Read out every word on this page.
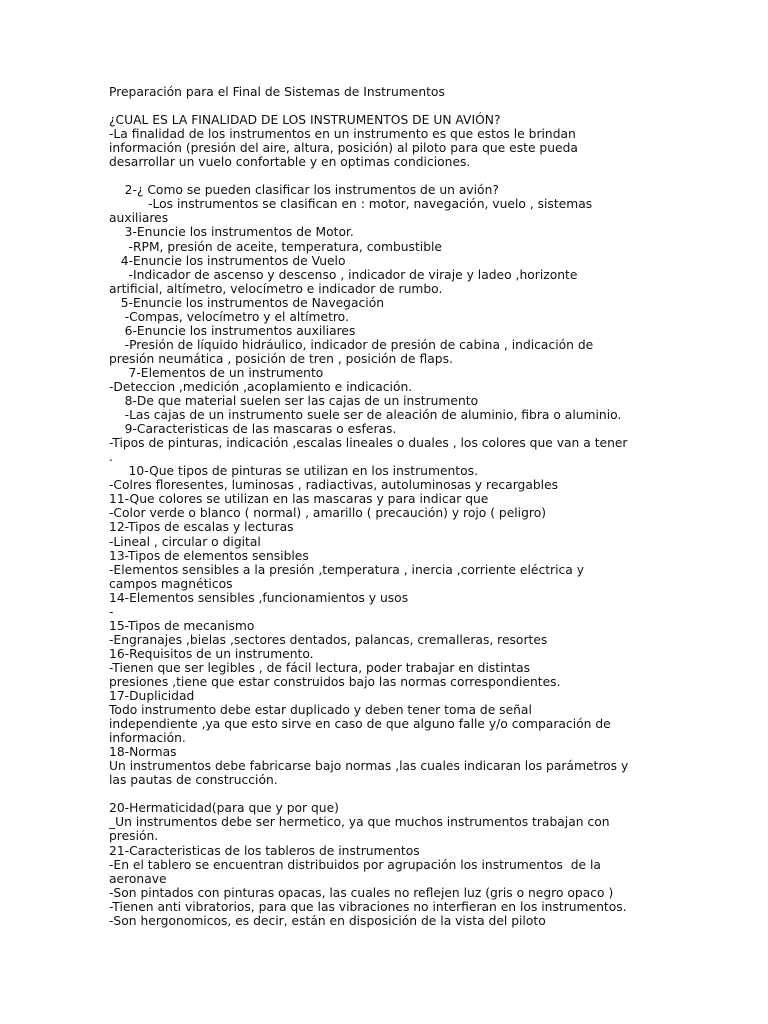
Preparación para el Final de Sistemas de Instrumentos
¿CUAL ES LA FINALIDAD DE LOS INSTRUMENTOS DE UN AVIÓN?
-La finalidad de los instrumentos en un instrumento es que estos le brindan
información (presión del aire, altura, posición) al piloto para que este pueda
desarrollar un vuelo confortable y en optimas condiciones.
2-¿ Como se pueden clasificar los instrumentos de un avión?
-Los instrumentos se clasifican en : motor, navegación, vuelo , sistemas
auxiliares
3-Enuncie los instrumentos de Motor.
-RPM, presión de aceite, temperatura, combustible
4-Enuncie los instrumentos de Vuelo
-Indicador de ascenso y descenso , indicador de viraje y ladeo ,horizonte
artificial, altímetro, velocímetro e indicador de rumbo.
5-Enuncie los instrumentos de Navegación
-Compas, velocímetro y el altímetro.
6-Enuncie los instrumentos auxiliares
-Presión de líquido hidráulico, indicador de presión de cabina , indicación de
presión neumática , posición de tren , posición de flaps.
7-Elementos de un instrumento
-Deteccion ,medición ,acoplamiento e indicación.
8-De que material suelen ser las cajas de un instrumento
-Las cajas de un instrumento suele ser de aleación de aluminio, fibra o aluminio.
9-Caracteristicas de las mascaras o esferas.
-Tipos de pinturas, indicación ,escalas lineales o duales , los colores que van a tener
.
10-Que tipos de pinturas se utilizan en los instrumentos.
-Colres floresentes, luminosas , radiactivas, autoluminosas y recargables
11-Que colores se utilizan en las mascaras y para indicar que
-Color verde o blanco ( normal) , amarillo ( precaución) y rojo ( peligro)
12-Tipos de escalas y lecturas
-Lineal , circular o digital
13-Tipos de elementos sensibles
-Elementos sensibles a la presión ,temperatura , inercia ,corriente eléctrica y
campos magnéticos
14-Elementos sensibles ,funcionamientos y usos
-
15-Tipos de mecanismo
-Engranajes ,bielas ,sectores dentados, palancas, cremalleras, resortes
16-Requisitos de un instrumento.
-Tienen que ser legibles , de fácil lectura, poder trabajar en distintas
presiones ,tiene que estar construidos bajo las normas correspondientes.
17-Duplicidad
Todo instrumento debe estar duplicado y deben tener toma de señal
independiente ,ya que esto sirve en caso de que alguno falle y/o comparación de
información.
18-Normas
Un instrumentos debe fabricarse bajo normas ,las cuales indicaran los parámetros y
las pautas de construcción.
20-Hermaticidad(para que y por que)
_Un instrumentos debe ser hermetico, ya que muchos instrumentos trabajan con
presión.
21-Caracteristicas de los tableros de instrumentos
-En el tablero se encuentran distribuidos por agrupación los instrumentos  de la
aeronave
-Son pintados con pinturas opacas, las cuales no reflejen luz (gris o negro opaco )
-Tienen anti vibratorios, para que las vibraciones no interfieran en los instrumentos.
-Son hergonomicos, es decir, están en disposición de la vista del piloto
